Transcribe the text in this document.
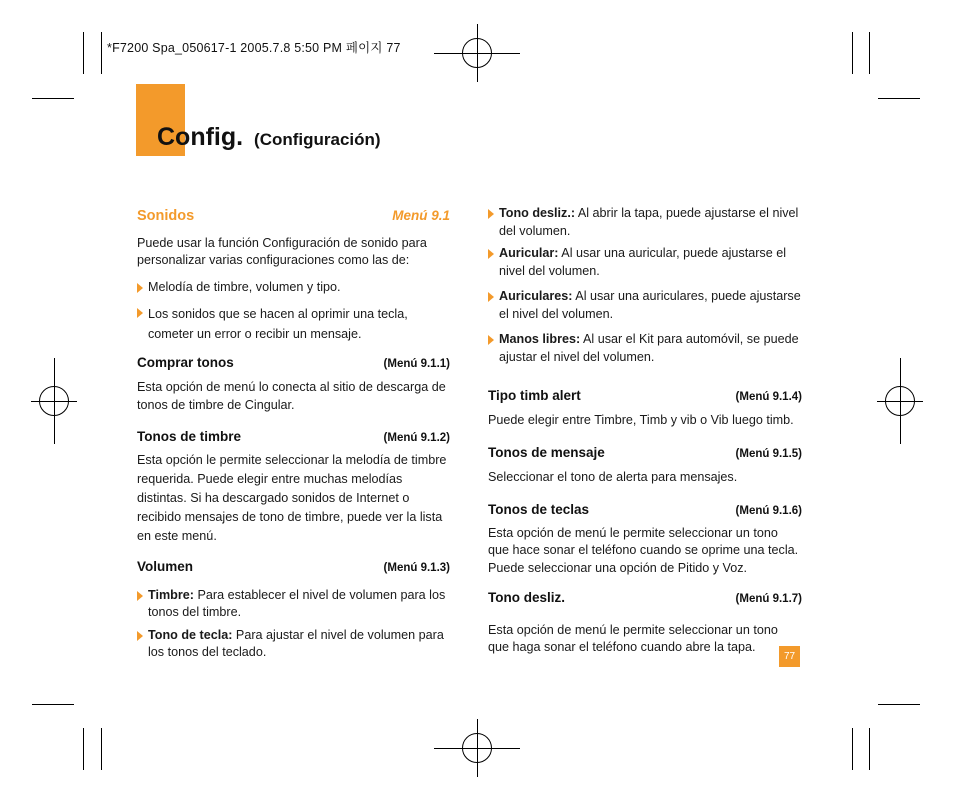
*F7200 Spa_050617-1 2005.7.8 5:50 PM 페이지 77
Config. (Configuración)
Sonidos	Menú 9.1

Puede usar la función Configuración de sonido para personalizar varias configuraciones como las de:

Melodía de timbre, volumen y tipo.

Los sonidos que se hacen al oprimir una tecla, cometer un error o recibir un mensaje.

Comprar tonos	(Menú 9.1.1)

Esta opción de menú lo conecta al sitio de descarga de tonos de timbre de Cingular.

Tonos de timbre	(Menú 9.1.2)

Esta opción le permite seleccionar la melodía de timbre requerida. Puede elegir entre muchas melodías distintas. Si ha descargado sonidos de Internet o recibido mensajes de tono de timbre, puede ver la lista en este menú.

Volumen	(Menú 9.1.3)

Timbre: Para establecer el nivel de volumen para los tonos del timbre.

Tono de tecla: Para ajustar el nivel de volumen para los tonos del teclado.

Tono desliz.: Al abrir la tapa, puede ajustarse el nivel del volumen.

Auricular: Al usar una auricular, puede ajustarse el nivel del volumen.

Auriculares: Al usar una auriculares, puede ajustarse el nivel del volumen.

Manos libres: Al usar el Kit para automóvil, se puede ajustar el nivel del volumen.

Tipo timb alert	(Menú 9.1.4)

Puede elegir entre Timbre, Timb y vib o Vib luego timb.

Tonos de mensaje	(Menú 9.1.5)

Seleccionar el tono de alerta para mensajes.

Tonos de teclas	(Menú 9.1.6)

Esta opción de menú le permite seleccionar un tono que hace sonar el teléfono cuando se oprime una tecla. Puede seleccionar una opción de Pitido y Voz.

Tono desliz.	(Menú 9.1.7)

Esta opción de menú le permite seleccionar un tono que haga sonar el teléfono cuando abre la tapa.

77
